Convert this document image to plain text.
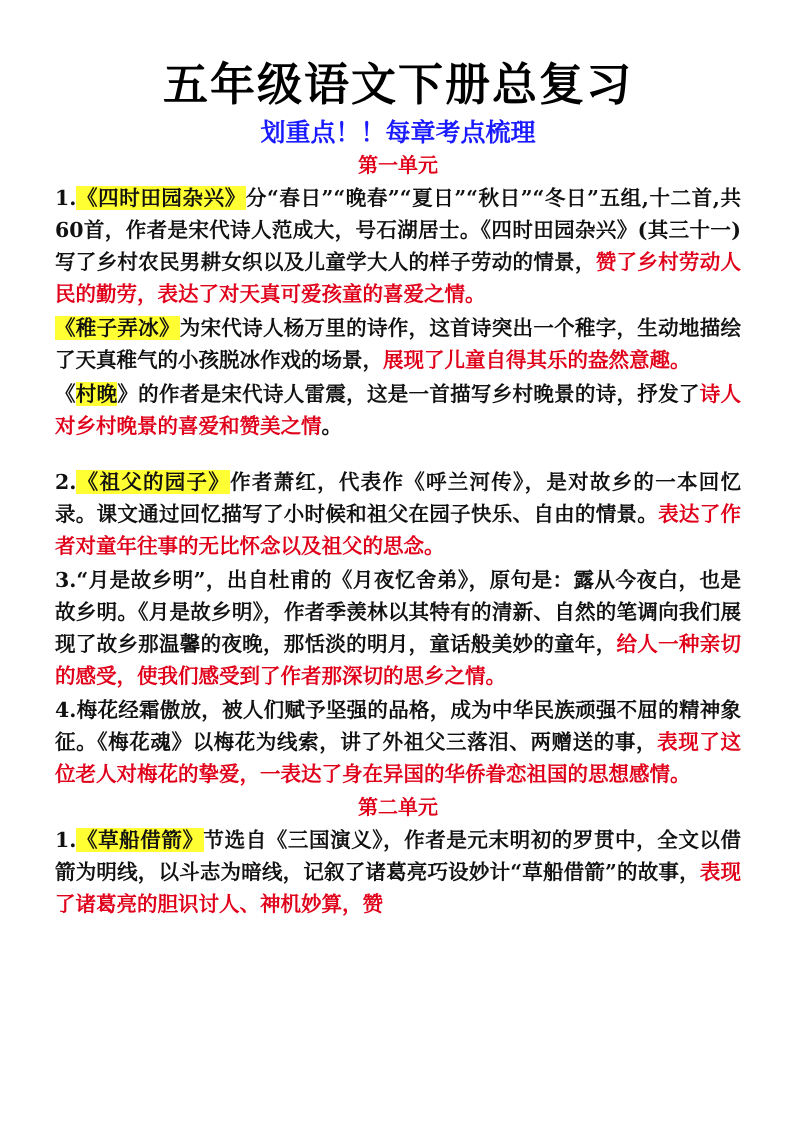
五年级语文下册总复习
划重点！！每章考点梳理
第一单元

1.《四时田园杂兴》分“春日”“晚春”“夏日”“秋日”“冬日”五组,十二首,共60首，作者是宋代诗人范成大，号石湖居士。《四时田园杂兴》(其三十一)写了乡村农民男耕女织以及儿童学大人的样子劳动的情景，赞了乡村劳动人民的勤劳，表达了对天真可爱孩童的喜爱之情。

《稚子弄冰》为宋代诗人杨万里的诗作，这首诗突出一个稚字，生动地描绘了天真稚气的小孩脱冰作戏的场景，展现了儿童自得其乐的盎然意趣。

《村晚》的作者是宋代诗人雷震，这是一首描写乡村晚景的诗，抒发了诗人对乡村晚景的喜爱和赞美之情。

2.《祖父的园子》作者萧红，代表作《呼兰河传》，是对故乡的一本回忆录。课文通过回忆描写了小时候和祖父在园子快乐、自由的情景。表达了作者对童年往事的无比怀念以及祖父的思念。

3.“月是故乡明”，出自杜甫的《月夜忆舍弟》，原句是：露从今夜白，也是故乡明。《月是故乡明》，作者季羡林以其特有的清新、自然的笔调向我们展现了故乡那温馨的夜晚，那恬淡的明月，童话般美妙的童年，给人一种亲切的感受，使我们感受到了作者那深切的思乡之情。

4.梅花经霜傲放，被人们赋予坚强的品格，成为中华民族顽强不屈的精神象征。《梅花魂》以梅花为线索，讲了外祖父三落泪、两赠送的事，表现了这位老人对梅花的挚爱，一表达了身在异国的华侨眷恋祖国的思想感情。

第二单元

1.《草船借箭》节选自《三国演义》，作者是元末明初的罗贯中，全文以借箭为明线，以斗志为暗线，记叙了诸葛亮巧设妙计“草船借箭”的故事，表现了诸葛亮的胆识讨人、神机妙算，赞
